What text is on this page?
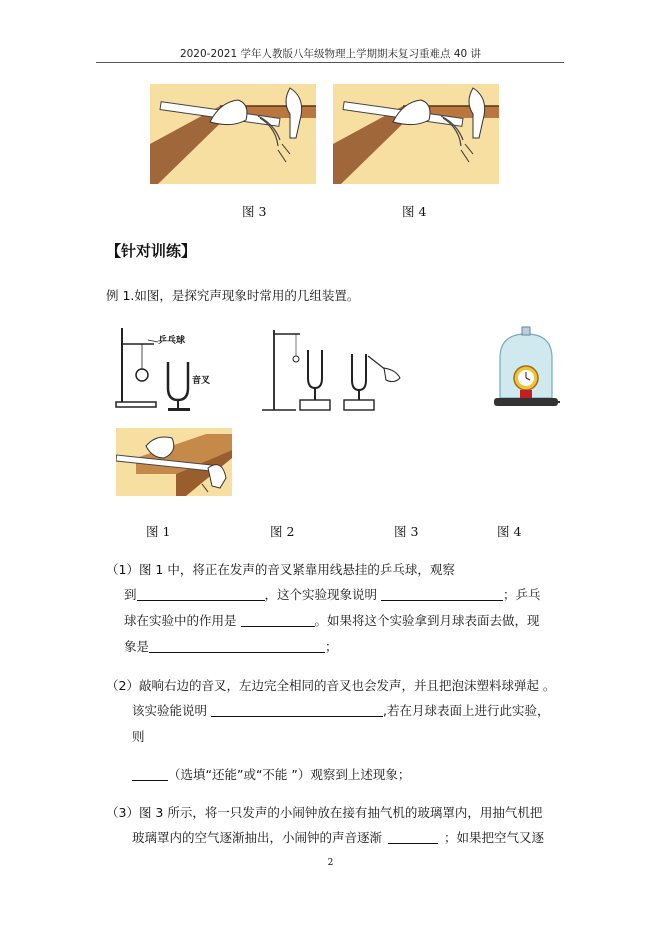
2020-2021 学年人教版八年级物理上学期期末复习重难点 40 讲
图 3	图 4
【针对训练】
例 1.如图，是探究声现象时常用的几组装置。
乒乓球
音叉
图 1	图 2	图 3	图 4
（1）图 1 中，将正在发声的音叉紧靠用线悬挂的乒乓球，观察
到	，这个实验现象说明	；乒乓
球在实验中的作用是	。如果将这个实验拿到月球表面去做，现
象是	；
（2）敲响右边的音叉，左边完全相同的音叉也会发声，并且把泡沫塑料球弹起 。
该实验能说明	,若在月球表面上进行此实验，
则
（选填“还能”或“不能 ”）观察到上述现象；
（3）图 3 所示，将一只发声的小闹钟放在接有抽气机的玻璃罩内，用抽气机把
玻璃罩内的空气逐渐抽出，小闹钟的声音逐渐	；如果把空气又逐
2
